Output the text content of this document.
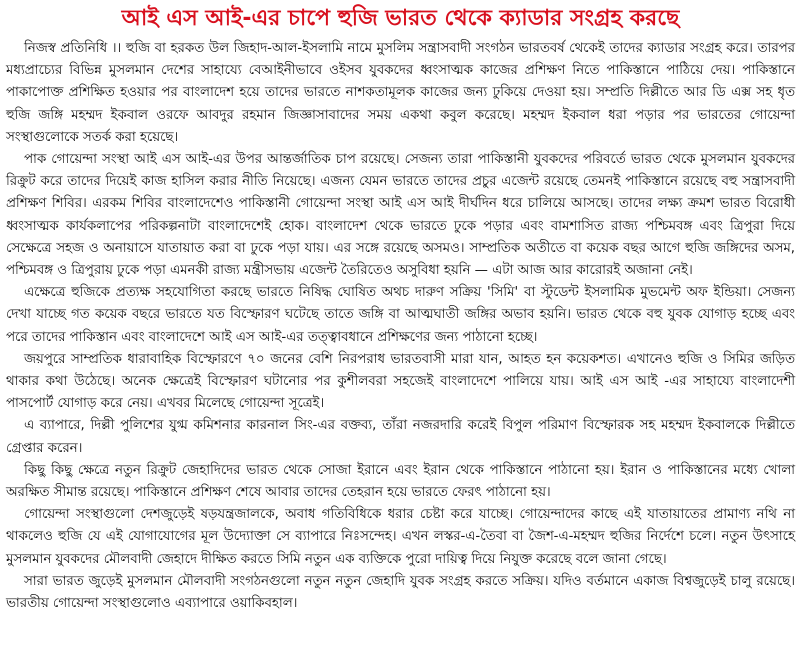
আই এস আই-এর চাপে হুজি ভারত থেকে ক্যাডার সংগ্রহ করছে

নিজস্ব প্রতিনিধি ।। হুজি বা হরকত উল জিহাদ-আল-ইসলামি নামে মুসলিম সন্ত্রাসবাদী সংগঠন ভারতবর্ষ থেকেই তাদের ক্যাডার সংগ্রহ করে। তারপর মধ্যপ্রাচ্যের বিভিন্ন মুসলমান দেশের সাহায্যে বেআইনীভাবে ওইসব যুবকদের ধ্বংসাত্মক কাজের প্রশিক্ষণ নিতে পাকিস্তানে পাঠিয়ে দেয়। পাকিস্তানে পাকাপোক্ত প্রশিক্ষিত হওয়ার পর বাংলাদেশ হয়ে তাদের ভারতে নাশকতামূলক কাজের জন্য ঢুকিয়ে দেওয়া হয়। সম্প্রতি দিল্লীতে আর ডি এক্স সহ ধৃত হুজি জঙ্গি মহম্মদ ইকবাল ওরফে আবদুর রহমান জিজ্ঞাসাবাদের সময় একথা কবুল করেছে। মহম্মদ ইকবাল ধরা পড়ার পর ভারতের গোয়েন্দা সংস্থাগুলোকে সতর্ক করা হয়েছে।

পাক গোয়েন্দা সংস্থা আই এস আই-এর উপর আন্তর্জাতিক চাপ রয়েছে। সেজন্য তারা পাকিস্তানী যুবকদের পরিবর্তে ভারত থেকে মুসলমান যুবকদের রিক্রুট করে তাদের দিয়েই কাজ হাসিল করার নীতি নিয়েছে। এজন্য যেমন ভারতে তাদের প্রচুর এজেন্ট রয়েছে তেমনই পাকিস্তানে রয়েছে বহু সন্ত্রাসবাদী প্রশিক্ষণ শিবির। এরকম শিবির বাংলাদেশেও পাকিস্তানী গোয়েন্দা সংস্থা আই এস আই দীর্ঘদিন ধরে চালিয়ে আসছে। তাদের লক্ষ্য ক্রমশ ভারত বিরোধী ধ্বংসাত্মক কার্যকলাপের পরিকল্পনাটা বাংলাদেশেই হোক। বাংলাদেশ থেকে ভারতে ঢুকে পড়ার এবং বামশাসিত রাজ্য পশ্চিমবঙ্গ এবং ত্রিপুরা দিয়ে সেক্ষেত্রে সহজ ও অনায়াসে যাতায়াত করা বা ঢুকে পড়া যায়। এর সঙ্গে রয়েছে অসমও। সাম্প্রতিক অতীতে বা কয়েক বছর আগে হুজি জঙ্গিদের অসম, পশ্চিমবঙ্গ ও ত্রিপুরায় ঢুকে পড়া এমনকী রাজ্য মন্ত্রীসভায় এজেন্ট তৈরিতেও অসুবিধা হয়নি — এটা আজ আর কারোরই অজানা নেই।

এক্ষেত্রে হুজিকে প্রত্যক্ষ সহযোগিতা করছে ভারতে নিষিদ্ধ ঘোষিত অথচ দারুণ সক্রিয় 'সিমি' বা স্টুডেন্ট ইসলামিক মুভমেন্ট অফ ইন্ডিয়া। সেজন্য দেখা যাচ্ছে গত কয়েক বছরে ভারতে যত বিস্ফোরণ ঘটেছে তাতে জঙ্গি বা আত্মঘাতী জঙ্গির অভাব হয়নি। ভারত থেকে বহু যুবক যোগাড় হচ্ছে এবং পরে তাদের পাকিস্তান এবং বাংলাদেশে আই এস আই-এর তত্ত্বাবধানে প্রশিক্ষণের জন্য পাঠানো হচ্ছে।

জয়পুরে সাম্প্রতিক ধারাবাহিক বিস্ফোরণে ৭০ জনের বেশি নিরপরাধ ভারতবাসী মারা যান, আহত হন কয়েকশত। এখানেও হুজি ও সিমির জড়িত থাকার কথা উঠেছে। অনেক ক্ষেত্রেই বিস্ফোরণ ঘটানোর পর কুশীলবরা সহজেই বাংলাদেশে পালিয়ে যায়। আই এস আই -এর সাহায্যে বাংলাদেশী পাসপোর্ট যোগাড় করে নেয়। এখবর মিলেছে গোয়েন্দা সূত্রেই।

এ ব্যাপারে, দিল্লী পুলিশের যুগ্ম কমিশনার কারনাল সিং-এর বক্তব্য, তাঁরা নজরদারি করেই বিপুল পরিমাণ বিস্ফোরক সহ মহম্মদ ইকবালকে দিল্লীতে গ্রেপ্তার করেন।

কিছু কিছু ক্ষেত্রে নতুন রিক্রুট জেহাদিদের ভারত থেকে সোজা ইরানে এবং ইরান থেকে পাকিস্তানে পাঠানো হয়। ইরান ও পাকিস্তানের মধ্যে খোলা অরক্ষিত সীমান্ত রয়েছে। পাকিস্তানে প্রশিক্ষণ শেষে আবার তাদের তেহরান হয়ে ভারতে ফেরৎ পাঠানো হয়।

গোয়েন্দা সংস্থাগুলো দেশজুড়েই ষড়যন্ত্রজালকে, অবাধ গতিবিধিকে ধরার চেষ্টা করে যাচ্ছে। গোয়েন্দাদের কাছে এই যাতায়াতের প্রামাণ্য নথি না থাকলেও হুজি যে এই যোগাযোগের মূল উদ্যোক্তা সে ব্যাপারে নিঃসন্দেহ। এখন লস্কর-এ-তৈবা বা জৈশ-এ-মহম্মদ হুজির নির্দেশে চলে। নতুন উৎসাহে মুসলমান যুবকদের মৌলবাদী জেহাদে দীক্ষিত করতে সিমি নতুন এক ব্যক্তিকে পুরো দায়িত্ব দিয়ে নিযুক্ত করেছে বলে জানা গেছে।

সারা ভারত জুড়েই মুসলমান মৌলবাদী সংগঠনগুলো নতুন নতুন জেহাদি যুবক সংগ্রহ করতে সক্রিয়। যদিও বর্তমানে একাজ বিশ্বজুড়েই চালু রয়েছে। ভারতীয় গোয়েন্দা সংস্থাগুলোও এব্যাপারে ওয়াকিবহাল।
